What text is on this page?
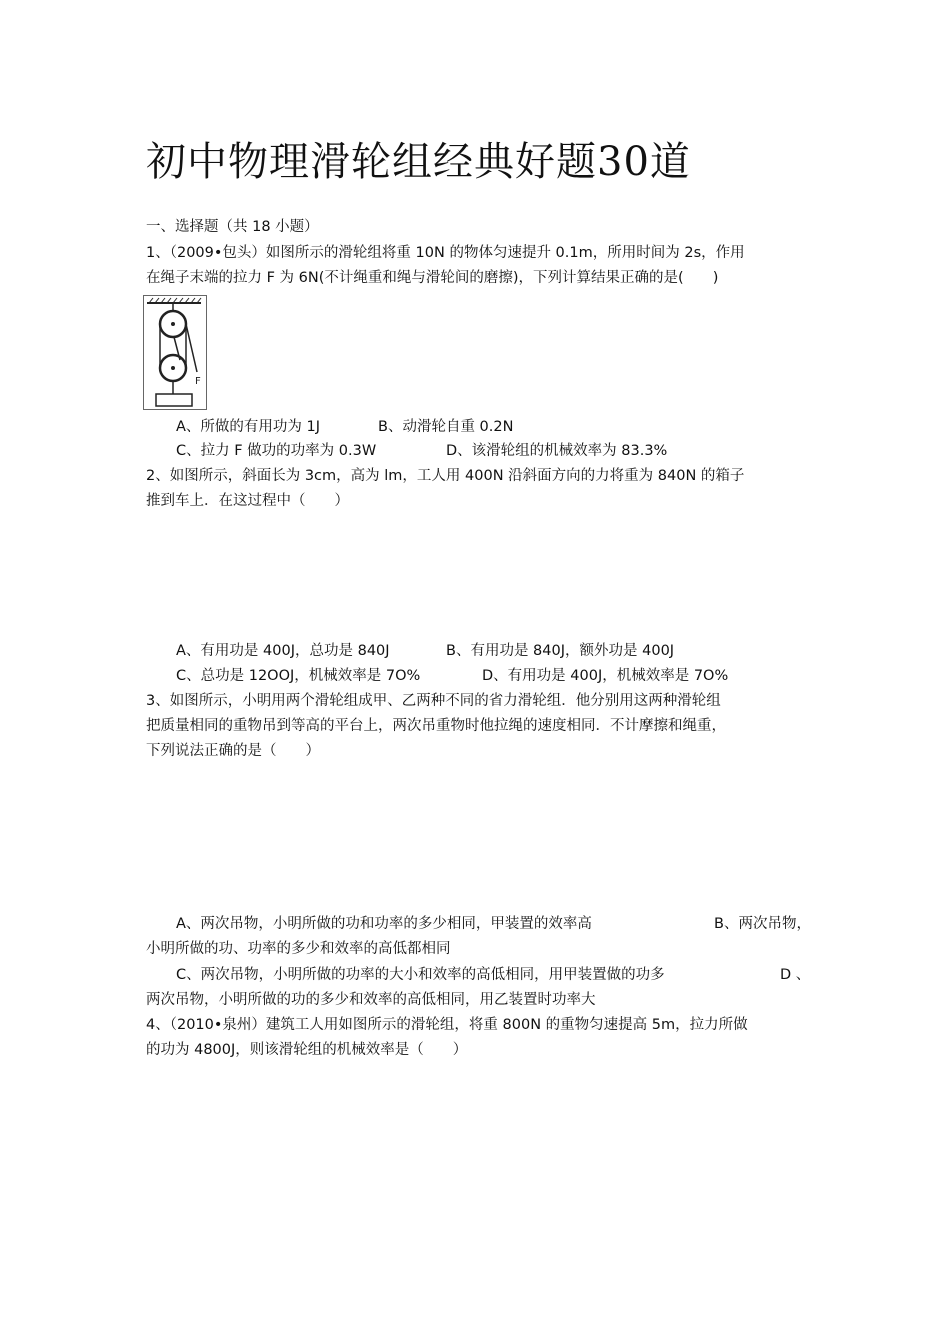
初中物理滑轮组经典好题30道
一、选择题（共 18 小题）
1、（2009•包头）如图所示的滑轮组将重 10N 的物体匀速提升 0.1m，所用时间为 2s，作用
在绳子末端的拉力 F 为 6N(不计绳重和绳与滑轮间的磨擦)，下列计算结果正确的是(　　)
F
A、所做的有用功为 1J	B、动滑轮自重 0.2N
C、拉力 F 做功的功率为 0.3W	D、该滑轮组的机械效率为 83.3%
2、如图所示，斜面长为 3cm，高为 lm，工人用 400N 沿斜面方向的力将重为 840N 的箱子
推到车上．在这过程中（　　）
A、有用功是 400J，总功是 840J	B、有用功是 840J，额外功是 400J
C、总功是 12OOJ，机械效率是 7O%	D、有用功是 400J，机械效率是 7O%
3、如图所示，小明用两个滑轮组成甲、乙两种不同的省力滑轮组．他分别用这两种滑轮组
把质量相同的重物吊到等高的平台上，两次吊重物时他拉绳的速度相同．不计摩擦和绳重，
下列说法正确的是（　　）
A、两次吊物，小明所做的功和功率的多少相同，甲装置的效率高	B、两次吊物，
小明所做的功、功率的多少和效率的高低都相同
C、两次吊物，小明所做的功率的大小和效率的高低相同，用甲装置做的功多	D 、
两次吊物，小明所做的功的多少和效率的高低相同，用乙装置时功率大
4、（2010•泉州）建筑工人用如图所示的滑轮组，将重 800N 的重物匀速提高 5m，拉力所做
的功为 4800J，则该滑轮组的机械效率是（　　）
